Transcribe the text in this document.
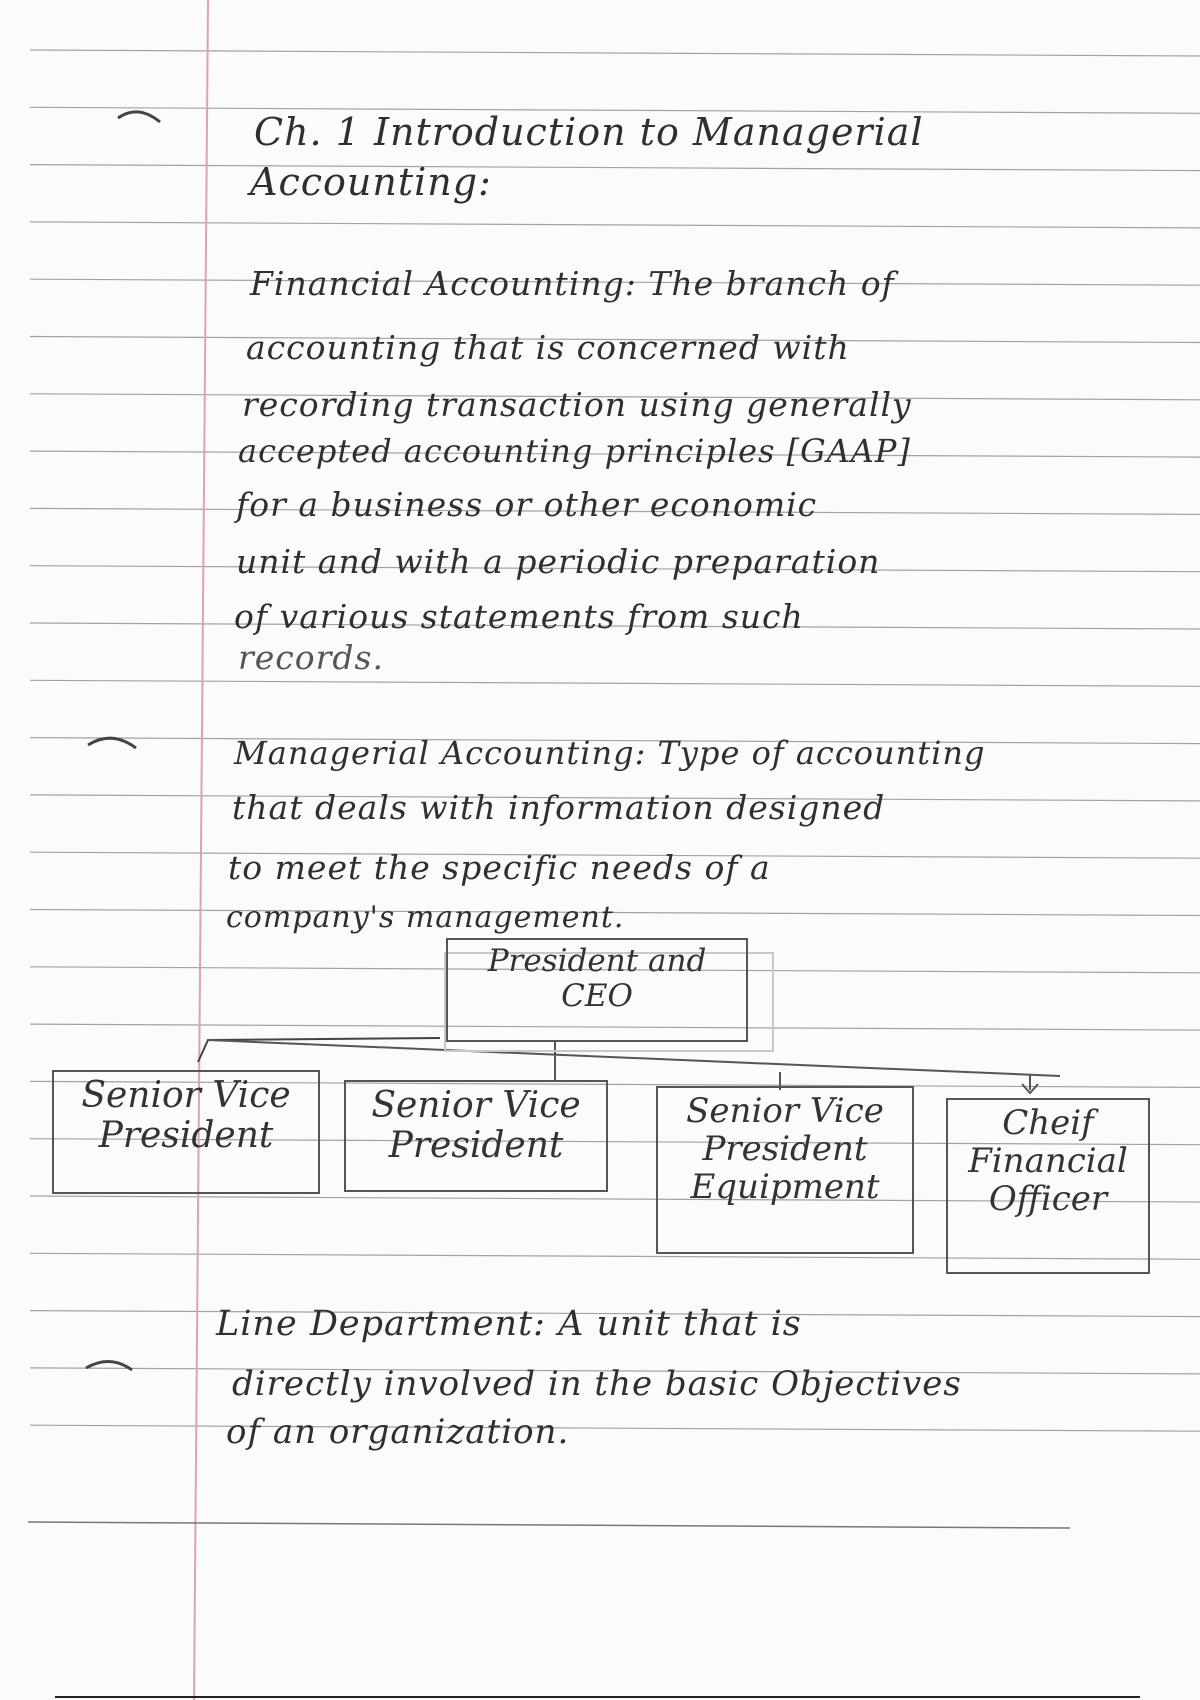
Ch. 1 Introduction to Managerial
Accounting:
Financial Accounting: The branch of
accounting that is concerned with
recording transaction using generally
accepted accounting principles [GAAP]
for a business or other economic
unit and with a periodic preparation
of various statements from such
records.
Managerial Accounting: Type of accounting
that deals with information designed
to meet the specific needs of a
company's management.
President and
CEO
Senior Vice
President
Senior Vice
President
Senior Vice
President
Equipment
Cheif
Financial
Officer
Line Department: A unit that is
directly involved in the basic Objectives
of an organization.
